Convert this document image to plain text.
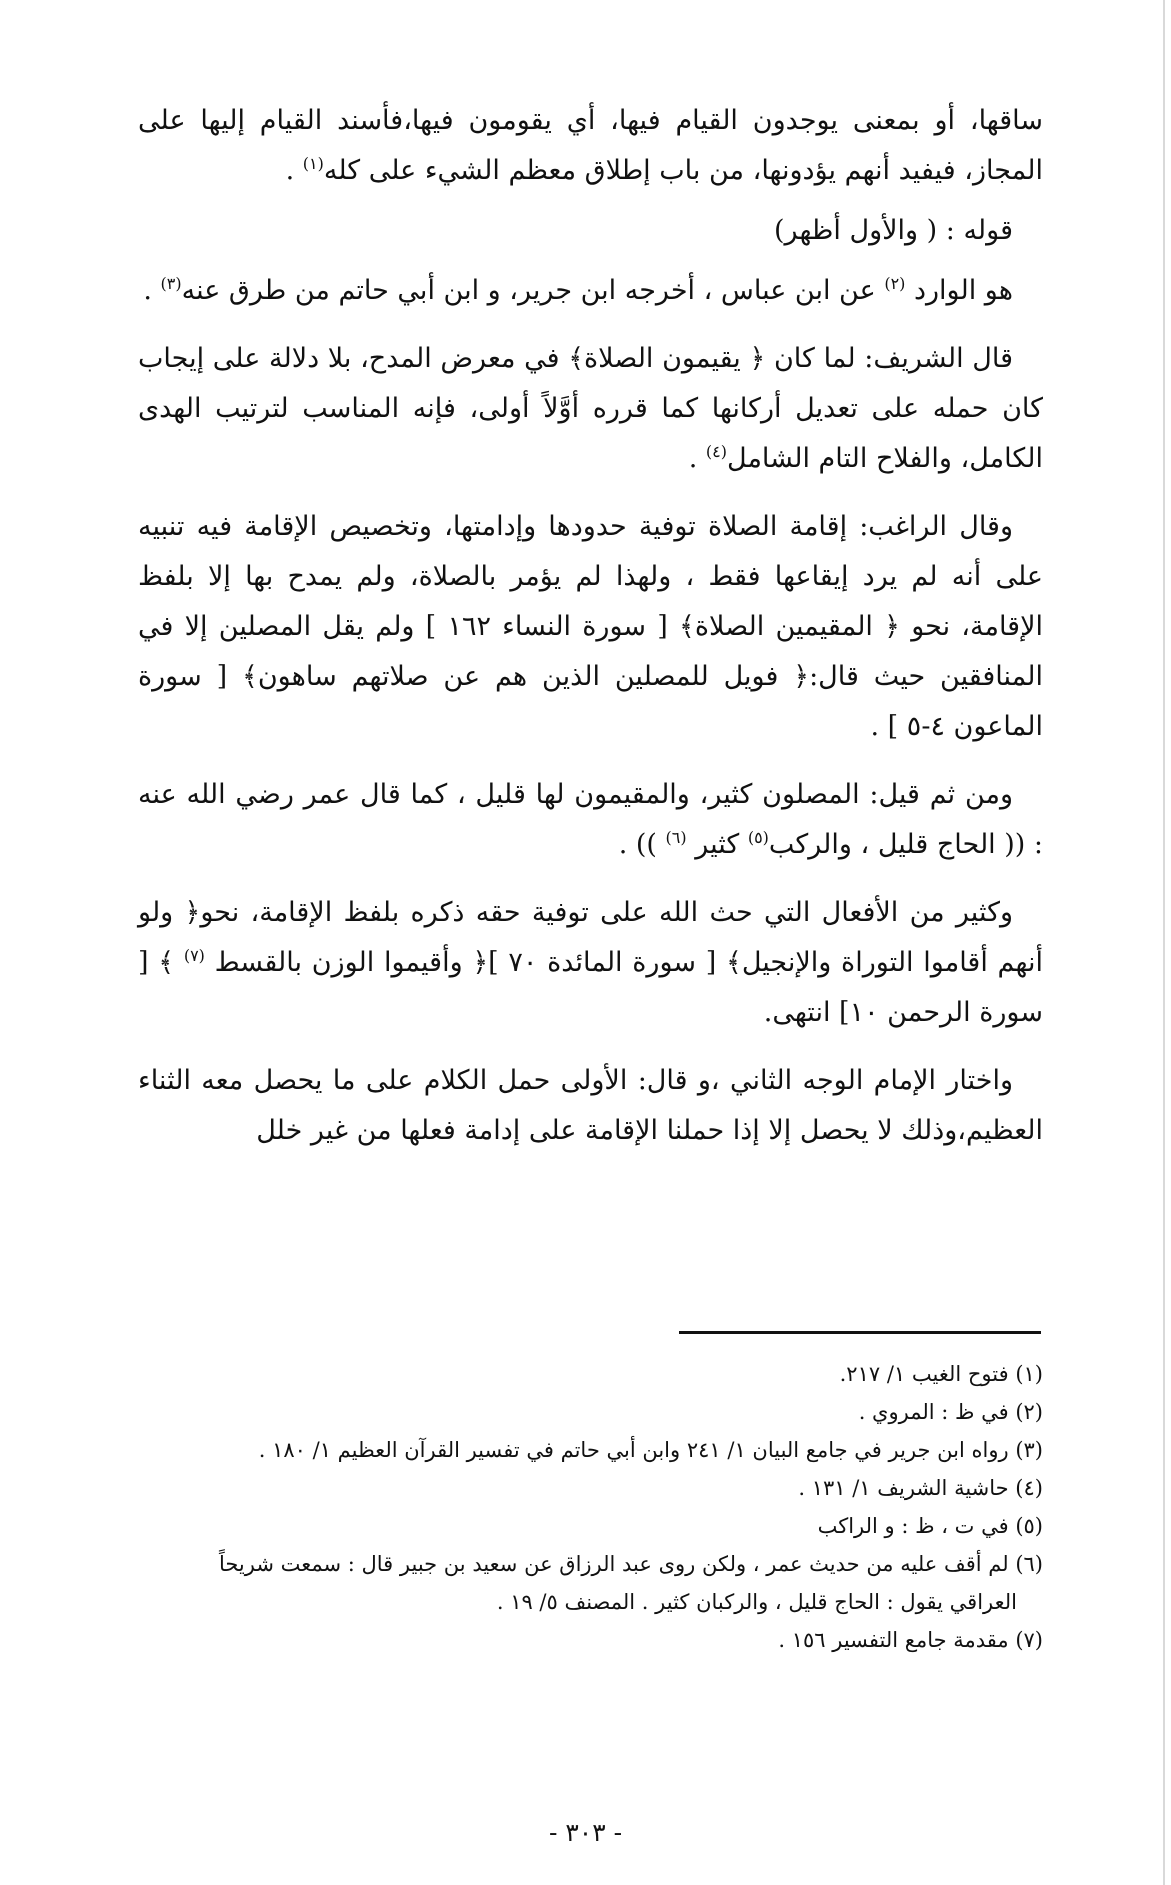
ساقها، أو بمعنى يوجدون القيام فيها، أي يقومون فيها،فأسند القيام إليها على المجاز، فيفيد أنهم يؤدونها، من باب إطلاق معظم الشيء على كله$^{(١)}$ .

قوله : ( والأول أظهر)

هو الوارد $^{(٢)}$ عن ابن عباس ، أخرجه ابن جرير، و ابن أبي حاتم من طرق عنه$^{(٣)}$ .

قال الشريف: لما كان ﴿ يقيمون الصلاة﴾ في معرض المدح، بلا دلالة على إيجاب كان حمله على تعديل أركانها كما قرره أوَّلاً أولى، فإنه المناسب لترتيب الهدى الكامل، والفلاح التام الشامل$^{(٤)}$ .

وقال الراغب: إقامة الصلاة توفية حدودها وإدامتها، وتخصيص الإقامة فيه تنبيه على أنه لم يرد إيقاعها فقط ، ولهذا لم يؤمر بالصلاة، ولم يمدح بها إلا بلفظ الإقامة، نحو ﴿ المقيمين الصلاة﴾ [ سورة النساء ١٦٢ ] ولم يقل المصلين إلا في المنافقين حيث قال:﴿ فويل للمصلين الذين هم عن صلاتهم ساهون﴾ [ سورة الماعون ٤-٥ ] .

ومن ثم قيل: المصلون كثير، والمقيمون لها قليل ، كما قال عمر رضي الله عنه : (( الحاج قليل ، والركب$^{(٥)}$ كثير $^{(٦)}$ )) .

وكثير من الأفعال التي حث الله على توفية حقه ذكره بلفظ الإقامة، نحو﴿ ولو أنهم أقاموا التوراة والإنجيل﴾ [ سورة المائدة ٧٠ ]﴿ وأقيموا الوزن بالقسط $^{(٧)}$ ﴾ [ سورة الرحمن ١٠] انتهى.

واختار الإمام الوجه الثاني ،و قال: الأولى حمل الكلام على ما يحصل معه الثناء العظيم،وذلك لا يحصل إلا إذا حملنا الإقامة على إدامة فعلها من غير خلل

(١) فتوح الغيب ١/ ٢١٧.

(٢) في ظ : المروي .

(٣) رواه ابن جرير في جامع البيان ١/ ٢٤١ وابن أبي حاتم في تفسير القرآن العظيم ١/ ١٨٠ .

(٤) حاشية الشريف ١/ ١٣١ .

(٥) في ت ، ظ : و الراكب

(٦) لم أقف عليه من حديث عمر ، ولكن روى عبد الرزاق عن سعيد بن جبير قال : سمعت شريحاً

العراقي يقول : الحاج قليل ، والركبان كثير . المصنف ٥/ ١٩ .

(٧) مقدمة جامع التفسير ١٥٦ .

- ٣٠٣ -
